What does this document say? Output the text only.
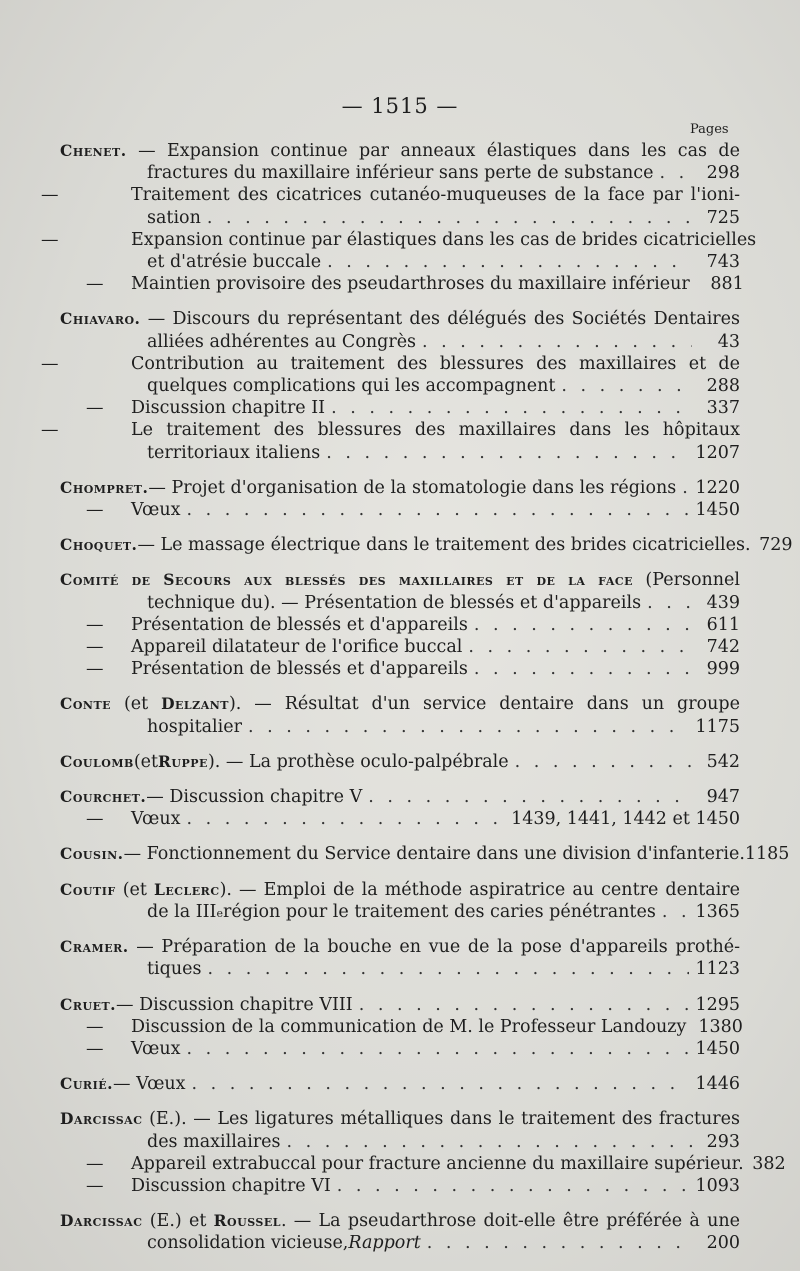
— 1515 —
Pages
Chenet. — Expansion continue par anneaux élastiques dans les cas de
fractures du maxillaire inférieur sans perte de substance . . .	298
—	Traitement des cicatrices cutanéo-muqueuses de la face par l'ioni-
sation . . .	725
—	Expansion continue par élastiques dans les cas de brides cicatricielles
et d'atrésie buccale . . .	743
—	Maintien provisoire des pseudarthroses du maxillaire inférieur	881
Chiavaro. — Discours du représentant des délégués des Sociétés Dentaires
alliées adhérentes au Congrès . . .	43
—	Contribution au traitement des blessures des maxillaires et de
quelques complications qui les accompagnent . . .	288
—	Discussion chapitre II . . .	337
—	Le traitement des blessures des maxillaires dans les hôpitaux
territoriaux italiens . . .	1207
Chompret. — Projet d'organisation de la stomatologie dans les régions . . . 1220
—	Vœux . . .	1450
Choquet. — Le massage électrique dans le traitement des brides cicatricielles. 729
Comité de Secours aux blessés des maxillaires et de la face (Personnel
technique du). — Présentation de blessés et d'appareils . . .	439
—	Présentation de blessés et d'appareils . . .	611
—	Appareil dilatateur de l'orifice buccal . . .	742
—	Présentation de blessés et d'appareils . . .	999
Conte (et Delzant). — Résultat d'un service dentaire dans un groupe
hospitalier . . .	1175
Coulomb (et Ruppe ). — La prothèse oculo-palpébrale . . .	542
Courchet. — Discussion chapitre V . . .	947
—	Vœux . . .	1439, 1441, 1442 et 1450
Cousin. — Fonctionnement du Service dentaire dans une division d'infanterie. 1185
Coutif (et Leclerc). — Emploi de la méthode aspiratrice au centre dentaire
de la III e région pour le traitement des caries pénétrantes . . . 1365
Cramer. — Préparation de la bouche en vue de la pose d'appareils prothé-
tiques . . .	1123
Cruet. — Discussion chapitre VIII . . .	1295
—	Discussion de la communication de M. le Professeur Landouzy 1380
—	Vœux . . .	1450
Curié. — Vœux . . .	1446
Darcissac (E.). — Les ligatures métalliques dans le traitement des fractures
des maxillaires . . .	293
—	Appareil extrabuccal pour fracture ancienne du maxillaire supérieur. 382
—	Discussion chapitre VI . . .	1093
Darcissac (E.) et Roussel. — La pseudarthrose doit-elle être préférée à une
consolidation vicieuse, Rapport . . .	200
